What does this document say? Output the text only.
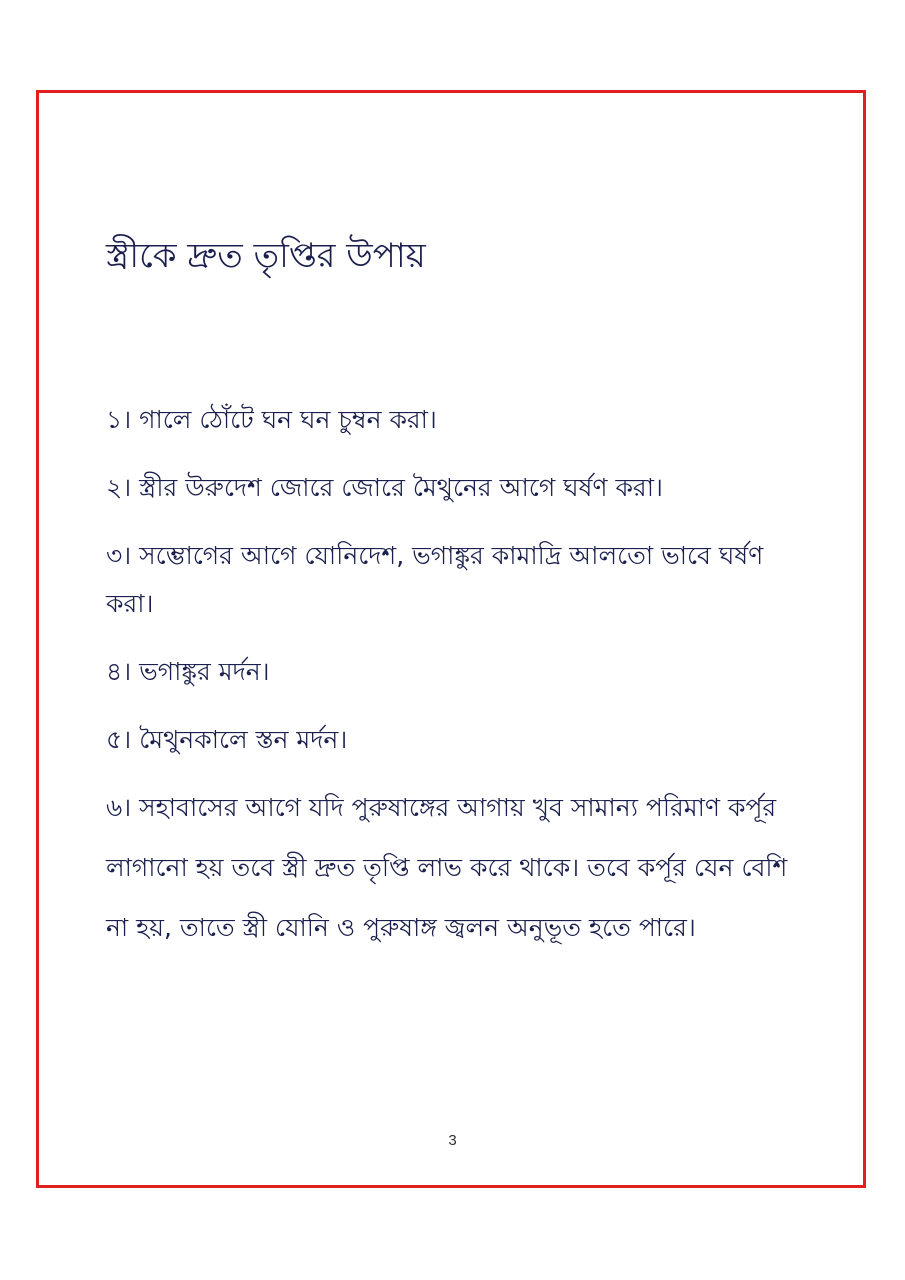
স্ত্রীকে দ্রুত তৃপ্তির উপায়

১। গালে ঠোঁটে ঘন ঘন চুম্বন করা।

২। স্ত্রীর উরুদেশ জোরে জোরে মৈথুনের আগে ঘর্ষণ করা।

৩। সম্ভোগের আগে যোনিদেশ, ভগাঙ্কুর কামাদ্রি আলতো ভাবে ঘর্ষণ করা।

৪। ভগাঙ্কুর মর্দন।

৫। মৈথুনকালে স্তন মর্দন।

৬। সহাবাসের আগে যদি পুরুষাঙ্গের আগায় খুব সামান্য পরিমাণ কর্পূর লাগানো হয় তবে স্ত্রী দ্রুত তৃপ্তি লাভ করে থাকে। তবে কর্পূর যেন বেশি না হয়, তাতে স্ত্রী যোনি ও পুরুষাঙ্গ জ্বলন অনুভূত হতে পারে।

3
